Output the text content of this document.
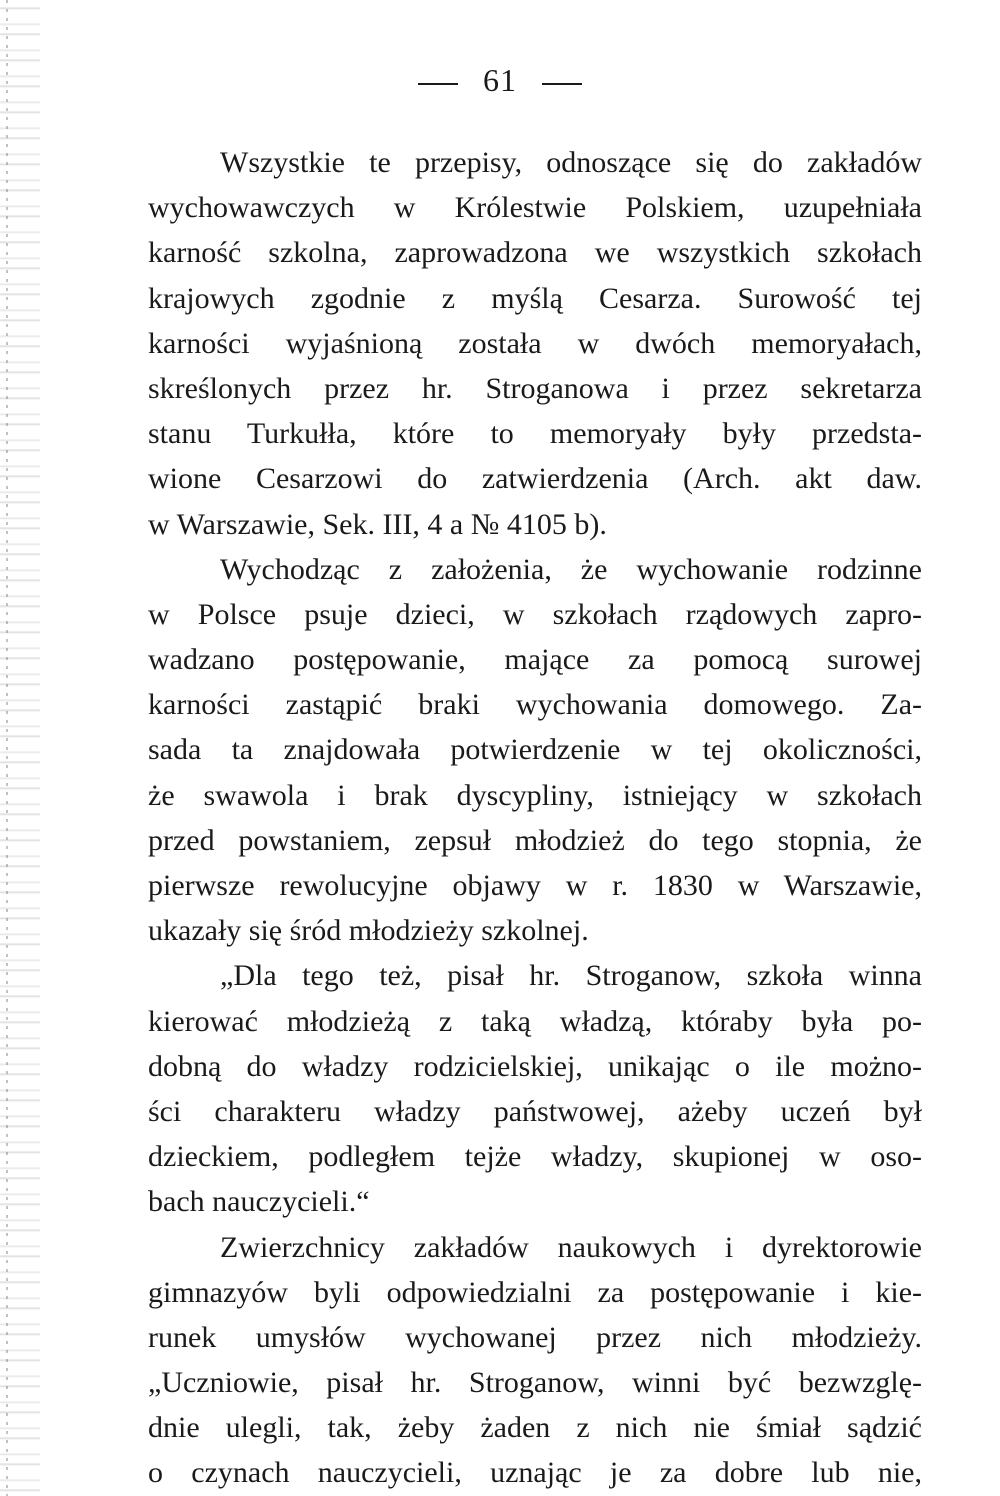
61
Wszystkie te przepisy, odnoszące się do zakładów
wychowawczych w Królestwie Polskiem, uzupełniała
karność szkolna, zaprowadzona we wszystkich szkołach
krajowych zgodnie z myślą Cesarza. Surowość tej
karności wyjaśnioną została w dwóch memoryałach,
skreślonych przez hr. Stroganowa i przez sekretarza
stanu Turkułła, które to memoryały były przedsta-
wione Cesarzowi do zatwierdzenia (Arch. akt daw.
w Warszawie, Sek. III, 4 a № 4105 b).
Wychodząc z założenia, że wychowanie rodzinne
w Polsce psuje dzieci, w szkołach rządowych zapro-
wadzano postępowanie, mające za pomocą surowej
karności zastąpić braki wychowania domowego. Za-
sada ta znajdowała potwierdzenie w tej okoliczności,
że swawola i brak dyscypliny, istniejący w szkołach
przed powstaniem, zepsuł młodzież do tego stopnia, że
pierwsze rewolucyjne objawy w r. 1830 w Warszawie,
ukazały się śród młodzieży szkolnej.
„Dla tego też, pisał hr. Stroganow, szkoła winna
kierować młodzieżą z taką władzą, któraby była po-
dobną do władzy rodzicielskiej, unikając o ile możno-
ści charakteru władzy państwowej, ażeby uczeń był
dzieckiem, podległem tejże władzy, skupionej w oso-
bach nauczycieli.“
Zwierzchnicy zakładów naukowych i dyrektorowie
gimnazyów byli odpowiedzialni za postępowanie i kie-
runek umysłów wychowanej przez nich młodzieży.
„Uczniowie, pisał hr. Stroganow, winni być bezwzglę-
dnie ulegli, tak, żeby żaden z nich nie śmiał sądzić
o czynach nauczycieli, uznając je za dobre lub nie,
